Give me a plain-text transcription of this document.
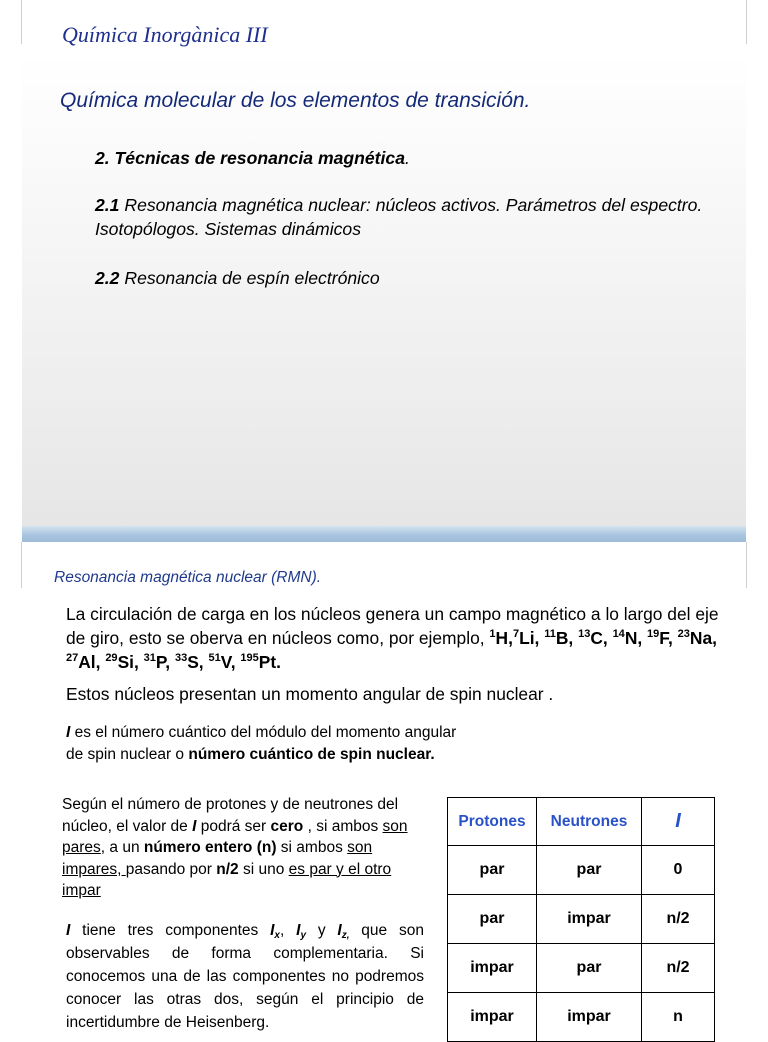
Química Inorgànica III
Química molecular de los elementos de transición.
2. Técnicas de resonancia magnética.
2.1 Resonancia magnética nuclear: núcleos activos. Parámetros del espectro. Isotopólogos. Sistemas dinámicos
2.2 Resonancia de espín electrónico
Resonancia magnética nuclear (RMN).
La circulación de carga en los núcleos genera un campo magnético a lo largo del eje de giro, esto se oberva en núcleos como, por ejemplo, $^1$H,$^7$Li, $^{11}$B, $^{13}$C, $^{14}$N, $^{19}$F, $^{23}$Na, $^{27}$Al, $^{29}$Si, $^{31}$P, $^{33}$S, $^{51}$V, $^{195}$Pt.
Estos núcleos presentan un momento angular de spin nuclear .
I es el número cuántico del módulo del momento angular de spin nuclear o número cuántico de spin nuclear.
Según el número de protones y de neutrones del núcleo, el valor de I podrá ser cero , si ambos son pares, a un número entero (n) si ambos son impares, pasando por n/2 si uno es par y el otro impar
I tiene tres componentes $I_x$, $I_y$ y $I_{z,}$ que son observables de forma complementaria. Si conocemos una de las componentes no podremos conocer las otras dos, según el principio de incertidumbre de Heisenberg.
Protones	Neutrones	I
par	par	0
par	impar	n/2
impar	par	n/2
impar	impar	n
